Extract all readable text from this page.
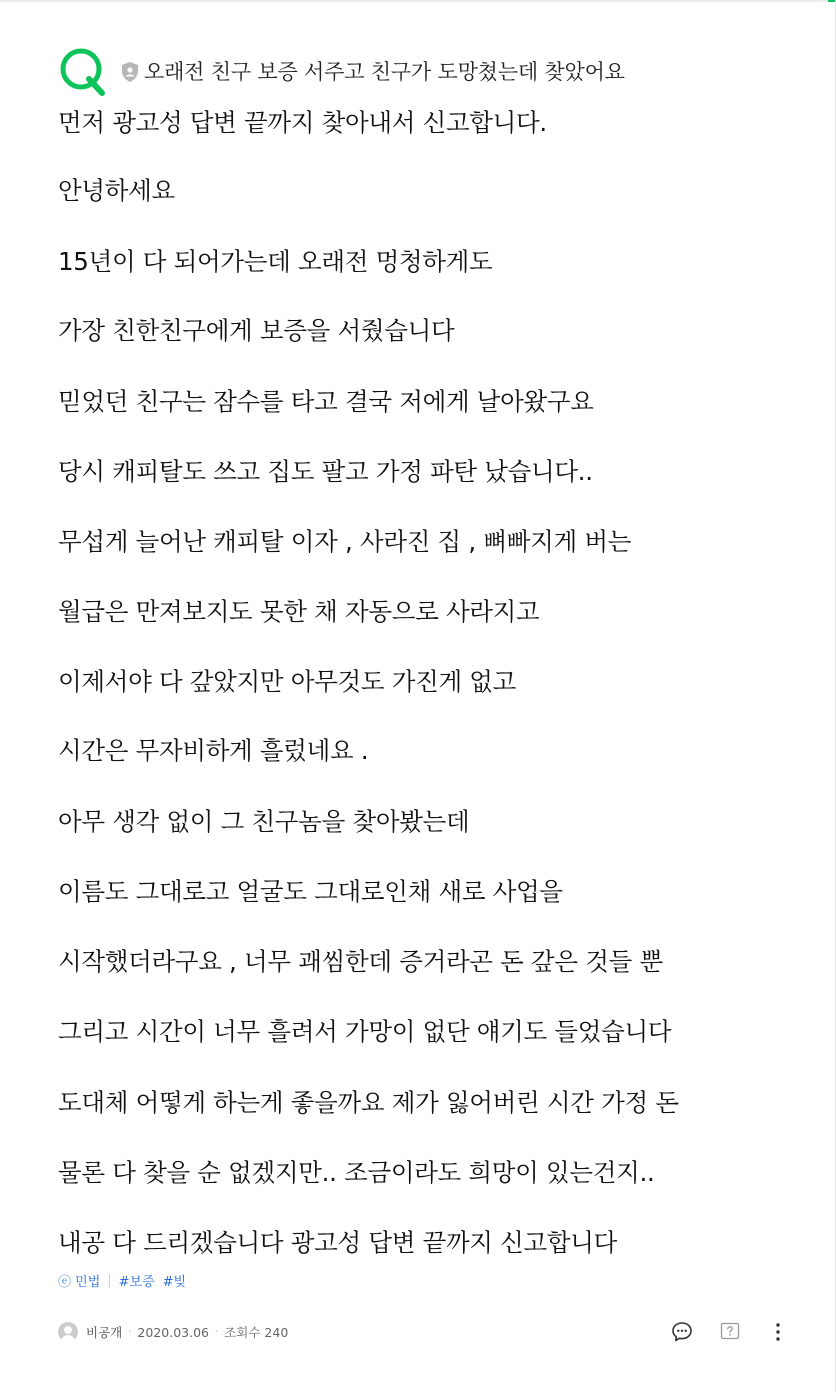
오래전 친구 보증 서주고 친구가 도망쳤는데 찾았어요
먼저 광고성 답변 끝까지 찾아내서 신고합니다.
안녕하세요
15년이 다 되어가는데 오래전 멍청하게도
가장 친한친구에게 보증을 서줬습니다
믿었던 친구는 잠수를 타고 결국 저에게 날아왔구요
당시 캐피탈도 쓰고 집도 팔고 가정 파탄 났습니다..
무섭게 늘어난 캐피탈 이자 , 사라진 집 , 뼈빠지게 버는
월급은 만져보지도 못한 채 자동으로 사라지고
이제서야 다 갚았지만 아무것도 가진게 없고
시간은 무자비하게 흘렀네요 .
아무 생각 없이 그 친구놈을 찾아봤는데
이름도 그대로고 얼굴도 그대로인채 새로 사업을
시작했더라구요 , 너무 괘씸한데 증거라곤 돈 갚은 것들 뿐
그리고 시간이 너무 흘려서 가망이 없단 얘기도 들었습니다
도대체 어떻게 하는게 좋을까요 제가 잃어버린 시간 가정 돈
물론 다 찾을 순 없겠지만.. 조금이라도 희망이 있는건지..
내공 다 드리겠습니다 광고성 답변 끝까지 신고합니다
ⓔ 민법 | #보증 #빚
비공개 · 2020.03.06 · 조회수 240
